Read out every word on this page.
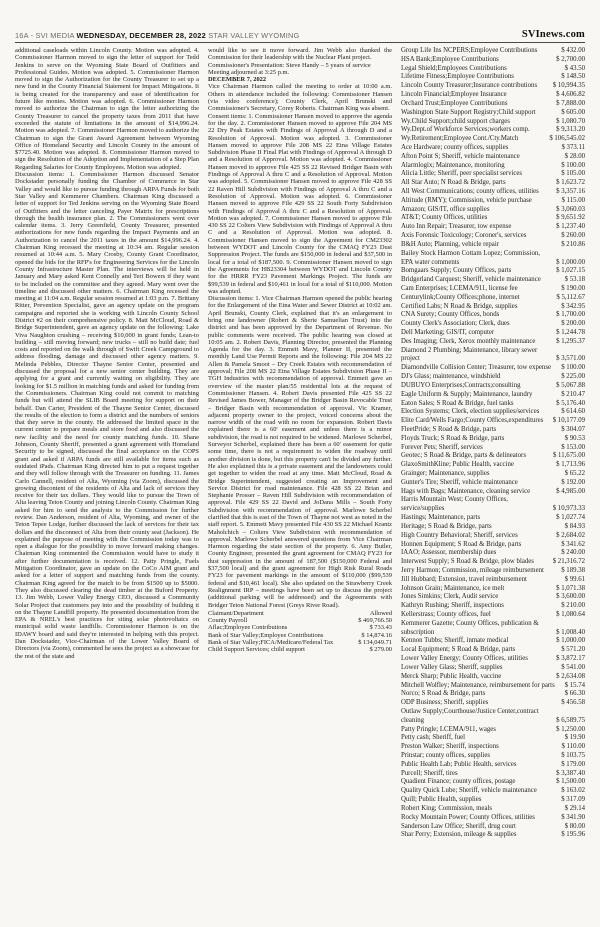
16A - SVI MEDIA WEDNESDAY, DECEMBER 28, 2022 STAR VALLEY WYOMING	SVInews.com

additional caseloads within Lincoln County. Motion was adopted. 4. Commissioner Harmon moved to sign the letter of support for Tedd Jenkins to serve on the Wyoming State Board of Outfitters and Professional Guides. Motion was adopted. 5. Commissioner Harmon moved to sign the Authorization for the County Treasurer to set up a new fund in the County Financial Statement for Impact Mitigations. It is being created for the transparency and ease of identification for future like monies. Motion was adopted. 6. Commissioner Harmon moved to authorize the Chairman to sign the letter authorizing the County Treasurer to cancel the property taxes from 2011 that have exceeded the statute of limitations in the amount of $14,996.24. Motion was adopted. 7. Commissioner Harmon moved to authorize the Chairman to sign the Grant Award Agreement between Wyoming Office of Homeland Security and Lincoln County in the amount of $7725.40. Motion was adopted. 8. Commissioner Harmon moved to sign the Resolution of the Adoption and Implementation of a Step Plan Regarding Salaries for County Employees. Motion was adopted.

Discussion items: 1. Commissioner Harmon discussed Senator Dockstader personally funding the Chamber of Commerce in Star Valley and would like to pursue funding through ARPA Funds for both Star Valley and Kemmerer Chambers. Chairman King discussed a letter of support for Ted Jenkins serving on the Wyoming State Board of Outfitters and the letter canceling Payer Matrix for prescriptions through the health insurance plan. 2. The Commissioners went over calendar items. 3. Jerry Greenfield, County Treasurer, presented authorizations for new funds regarding the Impact Payments and an Authorization to cancel the 2011 taxes in the amount $14,996.24. 4. Chairman King recessed the meeting at 10:34 am. Regular session resumed at 10:44 a.m. 5. Mary Crosby, County Grant Coordinator, opened the bids for the RFP's for Engineering Services for the Lincoln County Infrastructure Master Plan. The interviews will be held in January and Mary asked Kent Connelly and Teri Bowers if they want to be included on the committee and they agreed. Mary went over the timeline and discussed other matters. 6. Chairman King recessed the meeting at 11:04 a.m. Regular session resumed at 1:03 p.m. 7. Brittany Ritter, Prevention Specialist, gave an agency update on the program campaigns and reported she is working with Lincoln County School District #2 on their comprehensive policy. 8. Matt McCloud, Road & Bridge Superintendent, gave an agency update on the following: Lake Viva Naughton crushing – receiving $10,000 in grant funds; Lean-to building – still moving forward; new trucks – still no build date; fuel costs and reported on the walk through of Swift Creek Campground to address flooding, damage and discussed other agency matters. 9. Melinda Pebbles, Director Thayne Senior Center, presented and discussed the proposal for a new senior center building. They are applying for a grant and currently waiting on eligibility. They are looking for $1.5 million in matching funds and asked for funding from the Commissioners. Chairman King could not commit to matching funds but will attend the SLIB Board meeting for support on their behalf. Dan Carter, President of the Thayne Senior Center, discussed the results of the election to form a district and the numbers of seniors that they serve in the county. He addressed the limited space in the current center to prepare meals and store food and also discussed the new facility and the need for county matching funds. 10. Shane Johnson, County Sheriff, presented a grant agreement with Homeland Security to be signed, discussed the final acceptance on the COPS grant and asked if ARPA funds are still available for items such as outdated iPads. Chairman King directed him to put a request together and they will follow through with the Treasurer on funding. 11. James Carlo Cannell, resident of Alta, Wyoming (via Zoom), discussed the growing discontent of the residents of Alta and lack of services they receive for their tax dollars. They would like to pursue the Town of Alta leaving Teton County and joining Lincoln County. Chairman King asked for him to send the analysis to the Commission for further review. Dan Anderson, resident of Alta, Wyoming, and owner of the Teton Tepee Lodge, further discussed the lack of services for their tax dollars and the disconnect of Alta from their county seat (Jackson). He explained the purpose of meeting with the Commission today was to open a dialogue for the possibility to move forward making changes. Chairman King commented the Commission would have to study it after further documentation is received. 12. Patty Pringle, Fuels Mitigation Coordinator, gave an update on the CoCo AIM grant and asked for a letter of support and matching funds from the county. Chairman King agreed for the match to be from $1500 up to $5000. They also discussed clearing the dead timber at the Buford Property. 13. Jim Webb, Lower Valley Energy CEO, discussed a Community Solar Project that customers pay into and the possibility of building it on the Thayne Landfill property. He presented documentation from the EPA & NREL's best practices for siting solar photovoltaics on municipal solid waste landfills. Commissioner Harmon is on the IDAWY board and said they're interested in helping with this project. Dan Dockstader, Vice-Chairman of the Lower Valley Board of Directors (via Zoom), commented he sees the project as a showcase for the rest of the state and

would like to see it move forward. Jim Webb also thanked the Commission for their leadership with the Nuclear Plant project.

Commissioner's Presentation: Steve Handy – 5 years of service

Meeting adjourned at 3:25 p.m.

DECEMBER 7, 2022

Vice Chairman Harmon called the meeting to order at 10:00 a.m. Others in attendance included the following: Commissioner Hansen (via video conference); County Clerk, April Brunski and Commissioner's Secretary, Corey Roberts. Chairman King was absent.

Consent items: 1. Commissioner Hansen moved to approve the agenda for the day. 2. Commissioner Hansen moved to approve File 204 MS 22 Dry Peak Estates with Findings of Approval A through D and a Resolution of Approval. Motion was adopted. 3. Commissioner Hansen moved to approve File 208 MS 22 Etna Village Estates Subdivision Phase II Final Plat with Findings of Approval A through D and a Resolution of Approval. Motion was adopted. 4. Commissioner Hansen moved to approve File 425 SS 22 Revised Bridger Basin with Findings of Approval A thru C and a Resolution of Approval. Motion was adopted. 5. Commissioner Hansen moved to approve File 428 SS 22 Raven Hill Subdivision with Findings of Approval A thru C and a Resolution of Approval. Motion was adopted. 6. Commissioner Hansen moved to approve File 429 SS 22 South Forty Subdivision with Findings of Approval A thru C and a Resolution of Approval. Motion was adopted. 7. Commissioner Hansen moved to approve File 430 SS 22 Colters View Subdivision with Findings of Approval A thru C and a Resolution of Approval. Motion was adopted. 8. Commissioner Hansen moved to sign the Agreement for CM23302 between WYDOT and Lincoln County for the CMAQ FY23 Dust Suppression Project. The funds are $150,000 in federal and $37,500 in local for a total of $187,500. 9. Commissioner Hansen moved to sign the Agreements for HB23304 between WYDOT and Lincoln County for the HRRR FY23 Pavement Markings Project. The funds are $99,539 in federal and $10,461 in local for a total of $110,000. Motion was adopted.

Discussion items: 1. Vice Chairman Harmon opened the public hearing for the Enlargement of the Etna Water and Sewer District at 10:02 am. April Brunski, County Clerk, explained that it's an enlargement to bring one landowner (Robert & Sherie Samuelian Trust) into the district and has been approved by the Department of Revenue. No public comments were received. The public hearing was closed at 10:05 am. 2. Robert Davis, Planning Director, presented the Planning Agenda for the day. 3. Emmett Mavy, Planner II, presented the monthly Land Use Permit Reports and the following: File 204 MS 22 Allen & Pamela Smoot – Dry Creek Estates with recommendation of approval; File 208 MS 22 Etna Village Estates Subdivision Phase II – TGH Industries with recommendation of approval. Emmett gave an overview of the master plan/55 residential lots at the request of Commissioner Hansen. 4. Robert Davis presented File 425 SS 22 Revised James Bower, Manager of the Bridger Basin Revocable Trust – Bridger Basin with recommendation of approval. Vic Kramer, adjacent property owner to the project, voiced concerns about the narrow width of the road with no room for expansion. Robert Davis explained there is a 60' easement and unless there is a minor subdivision, the road is not required to be widened. Marlowe Scherbel, Surveyor Scherbel, explained there has been a 60' easement for quite some time, there is not a requirement to widen the roadway until another division is done, but this property can't be divided any further. He also explained this is a private easement and the landowners could get together to widen the road at any time. Matt McCloud, Road & Bridge Superintendent, suggested creating an Improvement and Service District for road maintenance. File 428 SS 22 Brian and Stephanie Prosser – Raven Hill Subdivision with recommendation of approval. File 429 SS 22 David and JoDana Mills – South Forty Subdivision with recommendation of approval. Marlowe Scherbel clarified that this is east of the Town of Thayne not west as noted in the staff report. 5. Emmett Mavy presented File 430 SS 22 Michael Krantz Maholchich – Colters View Subdivision with recommendation of approval. Marlowe Scherbel answered questions from Vice Chairman Harmon regarding the state section of the property. 6. Amy Butler, County Engineer, presented the grant agreement for CMAQ FY23 for dust suppression in the amount of 187,500 ($150,000 Federal and $37,500 local) and the grant agreement for High Risk Rural Roads FY23 for pavement markings in the amount of $110,000 ($99,539 federal and $10,461 local). She also updated on the Strawberry Creek Realignment IRP – meetings have been set up to discuss the project (additional parking will be addressed) and the Agreements with Bridger Teton National Forest (Greys River Road).

Claimant/Department	Allowed
County Payroll	$ 469,766.50
Aflac;Employee Contributions	$ 733.43
Bank of Star Valley;Employee Contributions	$ 14,874.16
Bank of Star Valley;FICA/Medicare/Federal Tax	$ 134,049.71
Child Support Services; child support	$ 279.00
Group Life Ins NCPERS;Employee Contributions	$ 432.00
HSA Bank;Employee Contributions	$ 2,700.00
Legal Shield;Employees Contributions	$ 43.50
Lifetime Fitness;Employee Contributions	$ 148.50
Lincoln County Treasurer;Insurance contributions	$ 10,994.35
Lincoln Financial;Employee Insurance	$ 4,606.82
Orchard Trust;Employee Contributions	$ 7,888.00
Washington State Support Registry;Child support	$ 605.00
Wy.Child Support;child support charges	$ 1,080.70
Wy.Dept.of Workforce Services;workers comp.	$ 9,313.20
Wy.Retirement;Employee Cont./Cty.Match	$ 106,545.02
Ace Hardware; county offices, supplies	$ 373.11
Afton Point S; Sheriff, vehicle maintenance	$ 28.00
Alarmlogix; Maintenance, monitoring	$ 100.00
Alicia Little; Sheriff, peer specialist services	$ 105.00
All Star Auto; N Road & Bridge, parts	$ 1,623.72
All West Communications; county offices, utilities	$ 3,357.16
Altitude (RMY); Commission, vehicle purchase	$ 115.00
Amazon; GIS/IT, office supplies	$ 3,060.03
AT&T; County Offices, utilities	$ 9,651.92
Auto Inn Repair; Treasurer, tow expense	$ 1,237.40
Axis Forensic Toxicology; Coroner's, services	$ 260.00
B&H Auto; Planning, vehicle repair	$ 210.86
Bailey Stock Harmon Cottam Lopez; Commission, EPA water comments	$ 1,000.00
Bomgaars Supply; County Offices, parts	$ 1,027.15
Bridgerland Carquest; Sheriff, vehicle maintenance	$ 53.18
Cam Enterprises; LCEMA/911, license fee	$ 190.00
Centurylink;County Offices;phone, internet	$ 5,112.67
Certified Labs; N Road & Bridge, supplies	$ 342.95
CNA Surety; County Offices, bonds	$ 1,700.00
County Clerk's Association; Clerk, dues	$ 200.00
Dell Marketing; GIS/IT, computer	$ 1,244.78
Des Imaging; Clerk, Xerox monthly maintenance	$ 1,295.37
Diamond 2 Plumbing; Maintenance, library sewer project	$ 3,571.00
Diamondville Collision Center; Treasurer, tow expense	$ 100.00
DJ's Glass; maintenance, windshield	$ 225.00
DUBUYO Enterprises;Contracts;consulting	$ 5,067.88
Eagle Uniform & Supply; Maintenance, laundry	$ 210.47
Eaton Sales; S Road & Bridge, fuel tanks	$ 5,176.40
Election Systems; Clerk, election supplies/services	$ 614.60
Elite Card/Wells Fargo;County Offices,expenditures	$ 10,177.09
FleetPride; S Road & Bridge, parts	$ 304.07
Floyds Truck; S Road & Bridge, parts	$ 90.53
Forever Pets; Sheriff, services	$ 153.00
Geotec; S Road & Bridge, parts & delineators	$ 11,675.00
GlaxoSmithKline; Public Health, vaccine	$ 1,713.96
Grainger; Maintenance, supplies	$ 65.22
Gunter's Tire; Sheriff, vehicle maintenance	$ 192.00
Hags with Bags; Maintenance, cleaning service	$ 4,985.00
Harris Mountain West; County Offices, service/supplies	$ 10,973.33
Hastings; Maintenance, parts	$ 1,027.74
Heritage; S Road & Bridge, parts	$ 84.93
High Country Behavioral; Sheriff, services	$ 2,684.02
Honnen Equipment; S Road & Bridge, parts	$ 341.62
IAAO; Assessor, membership dues	$ 240.00
Interwest Supply; S Road & Bridge, plow blades	$ 21,316.72
Jerry Harmon; Commission, mileage reimbursement	$ 189.38
Jill Hubbard; Extension, travel reimbursement	$ 99.61
Johnson Grain; Maintenance, ice melt	$ 1,071.38
Jones Simkins; Clerk, Audit service	$ 3,600.00
Kathryn Rushing; Sheriff, inspections	$ 210.00
Kellerstrass; County offices, fuel	$ 1,080.64
Kemmerer Gazette; County Offices, publication & subscription	$ 1,008.40
Kennon Tubbs; Sheriff, inmate medical	$ 1,000.00
Local Equipment; S Road & Bridge, parts	$ 571.20
Lower Valley Energy; County Offices, utilities	$ 3,872.17
Lower Valley Glass; Sheriff, supplies	$ 541.00
Merck Sharp; Public Health, vaccine	$ 2,634.08
Mitchell Wolfley; Maintenance, reimbursement for parts	$ 15.74
Norco; S Road & Bridge, parts	$ 66.30
ODP Business; Sheriff, supplies	$ 456.58
Outlaw Supply;Courthouse/Justice Center,contract cleaning	$ 6,589.75
Patty Pringle; LCEMA/911, wages	$ 1,250.00
Petty cash; Sheriff, fuel	$ 19.90
Preston Walker; Sheriff, inspections	$ 110.00
Prinstar; county offices, supplies	$ 103.75
Public Health Lab; Public Health, services	$ 179.00
Purcell; Sheriff, tires	$ 3,387.40
Quadient Finance; county offices, postage	$ 1,500.00
Quality Quick Lube; Sheriff, vehicle maintenance	$ 163.02
Quill; Public Health, supplies	$ 317.09
Robert King; Commission, meals	$ 29.14
Rocky Mountain Power; County Offices, utilities	$ 341.90
Sanderson Law Office; Sheriff, drug court	$ 80.00
Shar Perry; Extension, mileage & supplies	$ 195.96
